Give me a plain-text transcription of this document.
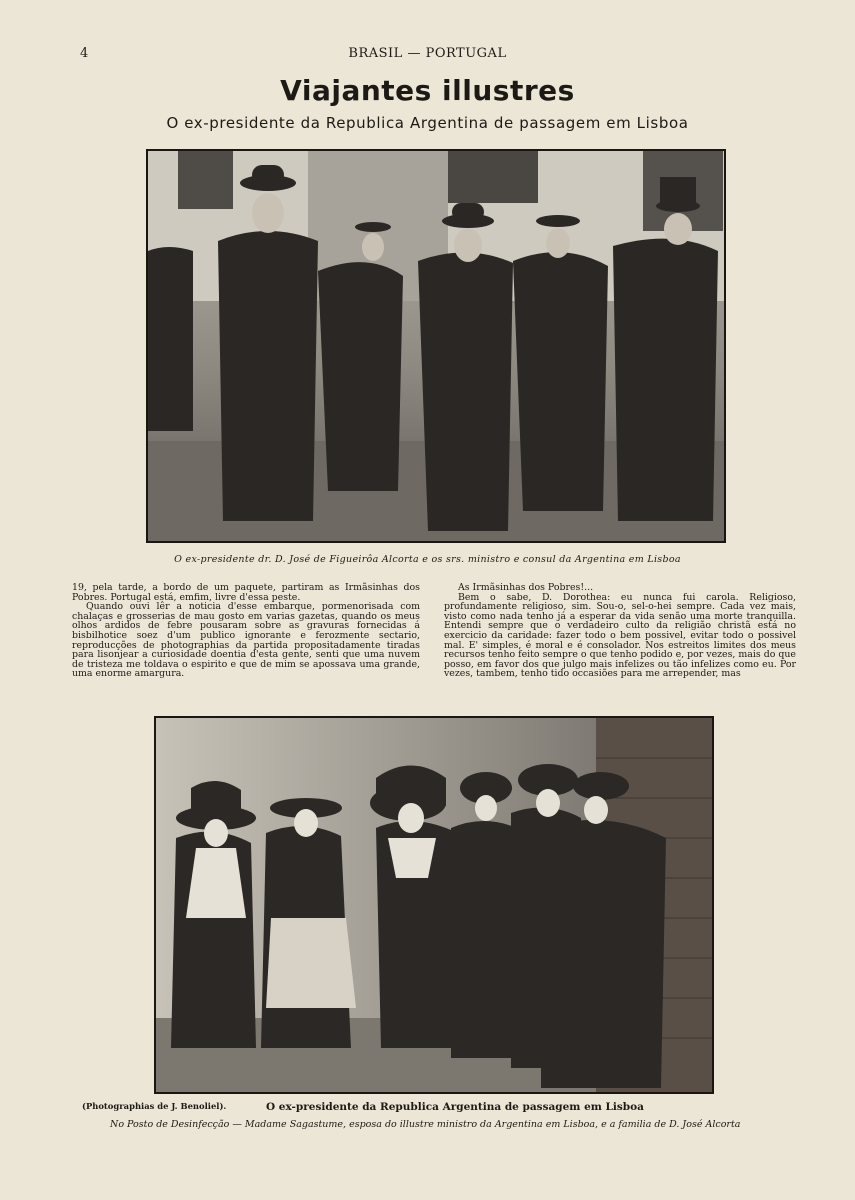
4	BRASIL — PORTUGAL
Viajantes illustres
O ex-presidente da Republica Argentina de passagem em Lisboa
O ex-presidente dr. D. José de Figueirôa Alcorta e os srs. ministro e consul da Argentina em Lisboa

19, pela tarde, a bordo de um paquete, partiram as Irmãsinhas dos Pobres. Portugal está, emfim, livre d'essa peste.

Quando ouvi lêr a noticia d'esse embarque, pormenorisada com chalaças e grosserias de mau gosto em varias gazetas, quando os meus olhos ardidos de febre pousaram sobre as gravuras fornecidas á bisbilhotice soez d'um publico ignorante e ferozmente sectario, reproducções de photographias da partida propositadamente tiradas para lisonjear a curiosidade doentia d'esta gente, senti que uma nuvem de tristeza me toldava o espirito e que de mim se apossava uma grande, uma enorme amargura.

As Irmãsinhas dos Pobres!...

Bem o sabe, D. Dorothea: eu nunca fui carola. Religioso, profundamente religioso, sim. Sou-o, sel-o-hei sempre. Cada vez mais, visto como nada tenho já a esperar da vida senão uma morte tranquilla. Entendi sempre que o verdadeiro culto da religião christã está no exercicio da caridade: fazer todo o bem possivel, evitar todo o possivel mal. E' simples, é moral e é consolador. Nos estreitos limites dos meus recursos tenho feito sempre o que tenho podido e, por vezes, mais do que posso, em favor dos que julgo mais infelizes ou tão infelizes como eu. Por vezes, tambem, tenho tido occasiões para me arrepender, mas

(Photographias de J. Benoliel).	O ex-presidente da Republica Argentina de passagem em Lisboa
No Posto de Desinfecção — Madame Sagastume, esposa do illustre ministro da Argentina em Lisboa, e a familia de D. José Alcorta
